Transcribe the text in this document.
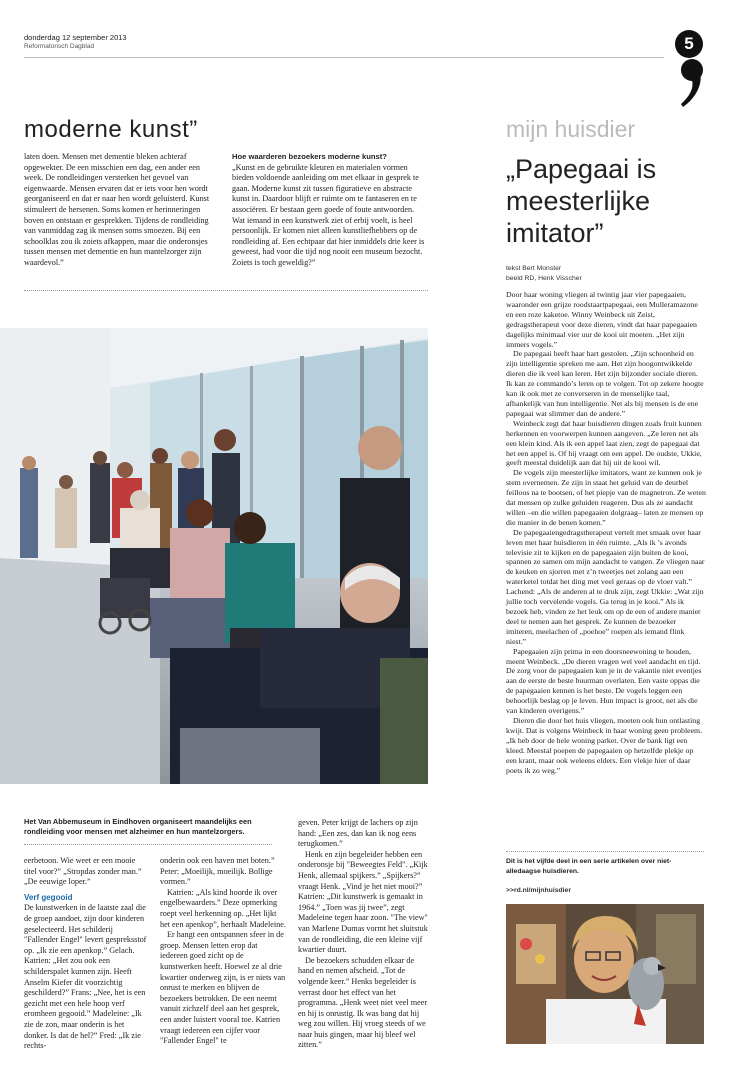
donderdag 12 september 2013
Reformatorisch Dagblad	5
moderne kunst”

laten doen. Mensen met dementie bleken achteraf opgewekter. De een misschien een dag, een ander een week. De rondleidingen versterken het gevoel van eigenwaarde. Mensen ervaren dat er iets voor hen wordt georganiseerd en dat er naar hen wordt geluisterd. Kunst stimuleert de hersenen. Soms komen er herinneringen boven en ontstaan er gesprekken. Tijdens de rondleiding van vanmiddag zag ik mensen soms smoezen. Bij een schoolklas zou ik zoiets afkappen, maar die onderonsjes tussen mensen met dementie en hun mantelzorger zijn waardevol.”

Hoe waarderen bezoekers moderne kunst?

„Kunst en de gebruikte kleuren en materialen vormen bieden voldoende aanleiding om met elkaar in gesprek te gaan. Moderne kunst zit tussen figuratieve en abstracte kunst in. Daardoor blijft er ruimte om te fantaseren en te associëren. Er bestaan geen goede of foute antwoorden. Wat iemand in een kunstwerk ziet of erbij voelt, is heel persoonlijk. Er komen niet alleen kunstliefhebbers op de rondleiding af. Een echtpaar dat hier inmiddels drie keer is geweest, had voor die tijd nog nooit een museum bezocht. Zoiets is toch geweldig?”

Het Van Abbemuseum in Eindhoven organiseert maandelijks een rondleiding voor mensen met alzheimer en hun mantelzorgers.

eerbetoon. Wie weet er een mooie titel voor?” „Stropdas zonder man.” „De eeuwige loper.”

Verf gegooid

De kunstwerken in de laatste zaal die de groep aandoet, zijn door kinderen geselecteerd. Het schilderij "Fallender Engel" levert gespreksstof op. „Ik zie een apenkop.” Gelach. Katrien: „Het zou ook een schilderspalet kunnen zijn. Heeft Anselm Kiefer dit voorzichtig geschilderd?” Frans: „Nee, het is een gezicht met een hele hoop verf eromheen gegooid.” Madeleine: „Ik zie de zon, maar onderin is het donker. Is dat de hel?” Fred: „Ik zie rechts-

onderin ook een haven met boten.” Peter: „Moeilijk, moeilijk. Bollige vormen.”

Katrien: „Als kind hoorde ik over engelbewaarders.” Deze opmerking roept veel herkenning op. „Het lijkt het een apenkop”, herhaalt Madeleine.

Er hangt een ontspannen sfeer in de groep. Mensen letten erop dat iedereen goed zicht op de kunstwerken heeft. Hoewel ze al drie kwartier onderweg zijn, is er niets van onrust te merken en blijven de bezoekers betrokken. De een neemt vanuit zichzelf deel aan het gesprek, een ander luistert vooral toe. Katrien vraagt iedereen een cijfer voor "Fallender Engel" te

geven. Peter krijgt de lachers op zijn hand: „Een zes, dan kan ik nog eens terugkomen.”

Henk en zijn begeleider hebben een onderonsje bij "Beweegtes Feld". „Kijk Henk, allemaal spijkers.” „Spijkers?” vraagt Henk. „Vind je het niet mooi?” Katrien: „Dit kunstwerk is gemaakt in 1964.” „Toen was jij twee”, zegt Madeleine tegen haar zoon. "The view" van Marlene Dumas vormt het sluitstuk van de rondleiding, die een kleine vijf kwartier duurt.

De bezoekers schudden elkaar de hand en nemen afscheid. „Tot de volgende keer.” Henks begeleider is verrast door het effect van het programma. „Henk weet niet veel meer en hij is onrustig. Ik was bang dat hij weg zou willen. Hij vroeg steeds of we naar huis gingen, maar hij bleef wel zitten.”

mijn huisdier
„Papegaai is meesterlijke imitator”
tekst Bert Monster
beeld RD, Henk Visscher

Door haar woning vliegen al twintig jaar vier papegaaien, waaronder een grijze roodstaartpapegaai, een Mulleramazone en een roze kaketoe. Winny Weinbeck uit Zeist, gedragstherapeut voor deze dieren, vindt dat haar papegaaien dagelijks minimaal vier uur de kooi uit moeten. „Het zijn immers vogels.”

De papegaai heeft haar hart gestolen. „Zijn schoonheid en zijn intelligentie spreken me aan. Het zijn hoogontwikkelde dieren die ik veel kan leren. Het zijn bijzonder sociale dieren. Ik kan ze commando’s leren op te volgen. Tot op zekere hoogte kan ik ook met ze converseren in de menselijke taal, afhankelijk van hun intelligentie. Net als bij mensen is de ene papegaai wat slimmer dan de andere.”

Weinbeck zegt dat haar huisdieren dingen zoals fruit kunnen herkennen en voorwerpen kunnen aangeven. „Ze leren net als een klein kind. Als ik een appel laat zien, zegt de papegaai dat het een appel is. Of hij vraagt om een appel. De oudste, Ukkie, geeft meestal duidelijk aan dat hij uit de kooi wil.

De vogels zijn meesterlijke imitators, want ze kunnen ook je stem overnemen. Ze zijn in staat het geluid van de deurbel feilloos na te bootsen, of het piepje van de magnetron. Ze weten dat mensen op zulke geluiden reageren. Dus als ze aandacht willen –en die willen papegaaien dolgraag– laten ze mensen op die manier in de benen komen.”

De papegaaiengedragstherapeut vertelt met smaak over haar leven met haar huisdieren in één ruimte. „Als ik ’s avonds televisie zit te kijken en de papegaaien zijn buiten de kooi, spannen ze samen om mijn aandacht te vangen. Ze vliegen naar de keuken en sjorren met z’n tweetjes net zolang aan een waterketel totdat het ding met veel geraas op de vloer valt.” Lachend: „Als de anderen al te druk zijn, zegt Ukkie: „Wat zijn jullie toch vervelende vogels. Ga terug in je kooi.” Als ik bezoek heb, vinden ze het leuk om op de een of andere manier deel te nemen aan het gesprek. Ze kunnen de bezoeker imiteren, meelachen of „poehoe” roepen als iemand flink niest.”

Papegaaien zijn prima in een doorsneewoning te houden, meent Weinbeck. „De dieren vragen wel veel aandacht en tijd. De zorg voor de papegaaien kun je in de vakantie niet eventjes aan de eerste de beste buurman overlaten. Een vaste oppas die de papegaaien kennen is het beste. De vogels leggen een behoorlijk beslag op je leven. Hun impact is groot, net als die van kinderen overigens.”

Dieren die door het huis vliegen, moeten ook hun ontlasting kwijt. Dat is volgens Weinbeck in haar woning geen probleem. „Ik heb door de hele woning parket. Over de bank ligt een kleed. Meestal poepen de papegaaien op hetzelfde plekje op een krant, maar ook weleens elders. Een vlekje hier of daar poets ik zo weg.”

Dit is het vijfde deel in een serie artikelen over niet-alledaagse huisdieren.
>>rd.nl/mijnhuisdier
